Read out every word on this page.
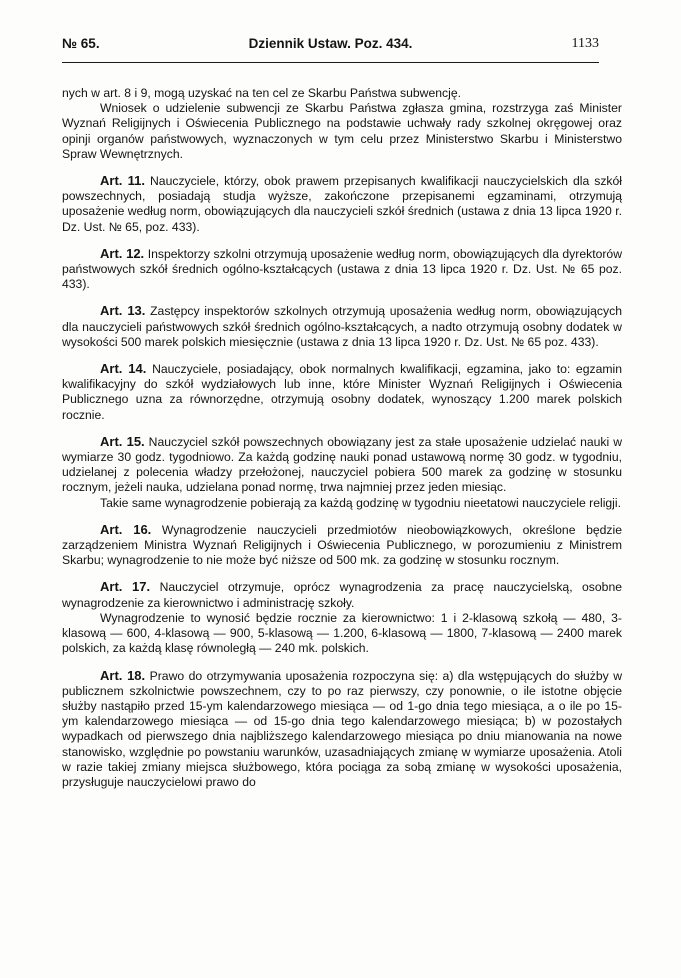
№ 65.	Dziennik Ustaw. Poz. 434.	1133

nych w art. 8 i 9, mogą uzyskać na ten cel ze Skarbu Państwa subwencję.

Wniosek o udzielenie subwencji ze Skarbu Państwa zgłasza gmina, rozstrzyga zaś Minister Wyznań Religijnych i Oświecenia Publicznego na podstawie uchwały rady szkolnej okręgowej oraz opinji organów państwowych, wyznaczonych w tym celu przez Ministerstwo Skarbu i Ministerstwo Spraw Wewnętrznych.

Art. 11. Nauczyciele, którzy, obok prawem przepisanych kwalifikacji nauczycielskich dla szkół powszechnych, posiadają studja wyższe, zakończone przepisanemi egzaminami, otrzymują uposażenie według norm, obowiązujących dla nauczycieli szkół średnich (ustawa z dnia 13 lipca 1920 r. Dz. Ust. № 65, poz. 433).

Art. 12. Inspektorzy szkolni otrzymują uposażenie według norm, obowiązujących dla dyrektorów państwowych szkół średnich ogólno-kształcących (ustawa z dnia 13 lipca 1920 r. Dz. Ust. № 65 poz. 433).

Art. 13. Zastępcy inspektorów szkolnych otrzymują uposażenia według norm, obowiązujących dla nauczycieli państwowych szkół średnich ogólno-kształcących, a nadto otrzymują osobny dodatek w wysokości 500 marek polskich miesięcznie (ustawa z dnia 13 lipca 1920 r. Dz. Ust. № 65 poz. 433).

Art. 14. Nauczyciele, posiadający, obok normalnych kwalifikacji, egzamina, jako to: egzamin kwalifikacyjny do szkół wydziałowych lub inne, które Minister Wyznań Religijnych i Oświecenia Publicznego uzna za równorzędne, otrzymują osobny dodatek, wynoszący 1.200 marek polskich rocznie.

Art. 15. Nauczyciel szkół powszechnych obowiązany jest za stałe uposażenie udzielać nauki w wymiarze 30 godz. tygodniowo. Za każdą godzinę nauki ponad ustawową normę 30 godz. w tygodniu, udzielanej z polecenia władzy przełożonej, nauczyciel pobiera 500 marek za godzinę w stosunku rocznym, jeżeli nauka, udzielana ponad normę, trwa najmniej przez jeden miesiąc.

Takie same wynagrodzenie pobierają za każdą godzinę w tygodniu nieetatowi nauczyciele religji.

Art. 16. Wynagrodzenie nauczycieli przedmiotów nieobowiązkowych, określone będzie zarządzeniem Ministra Wyznań Religijnych i Oświecenia Publicznego, w porozumieniu z Ministrem Skarbu; wynagrodzenie to nie może być niższe od 500 mk. za godzinę w stosunku rocznym.

Art. 17. Nauczyciel otrzymuje, oprócz wynagrodzenia za pracę nauczycielską, osobne wynagrodzenie za kierownictwo i administrację szkoły.

Wynagrodzenie to wynosić będzie rocznie za kierownictwo: 1 i 2-klasową szkołą — 480, 3-klasową — 600, 4-klasową — 900, 5-klasową — 1.200, 6-klasową — 1800, 7-klasową — 2400 marek polskich, za każdą klasę równoległą — 240 mk. polskich.

Art. 18. Prawo do otrzymywania uposażenia rozpoczyna się: a) dla wstępujących do służby w publicznem szkolnictwie powszechnem, czy to po raz pierwszy, czy ponownie, o ile istotne objęcie służby nastąpiło przed 15-ym kalendarzowego miesiąca — od 1-go dnia tego miesiąca, a o ile po 15-ym kalendarzowego miesiąca — od 15-go dnia tego kalendarzowego miesiąca; b) w pozostałych wypadkach od pierwszego dnia najbliższego kalendarzowego miesiąca po dniu mianowania na nowe stanowisko, względnie po powstaniu warunków, uzasadniających zmianę w wymiarze uposażenia. Atoli w razie takiej zmiany miejsca służbowego, która pociąga za sobą zmianę w wysokości uposażenia, przysługuje nauczycielowi prawo do
